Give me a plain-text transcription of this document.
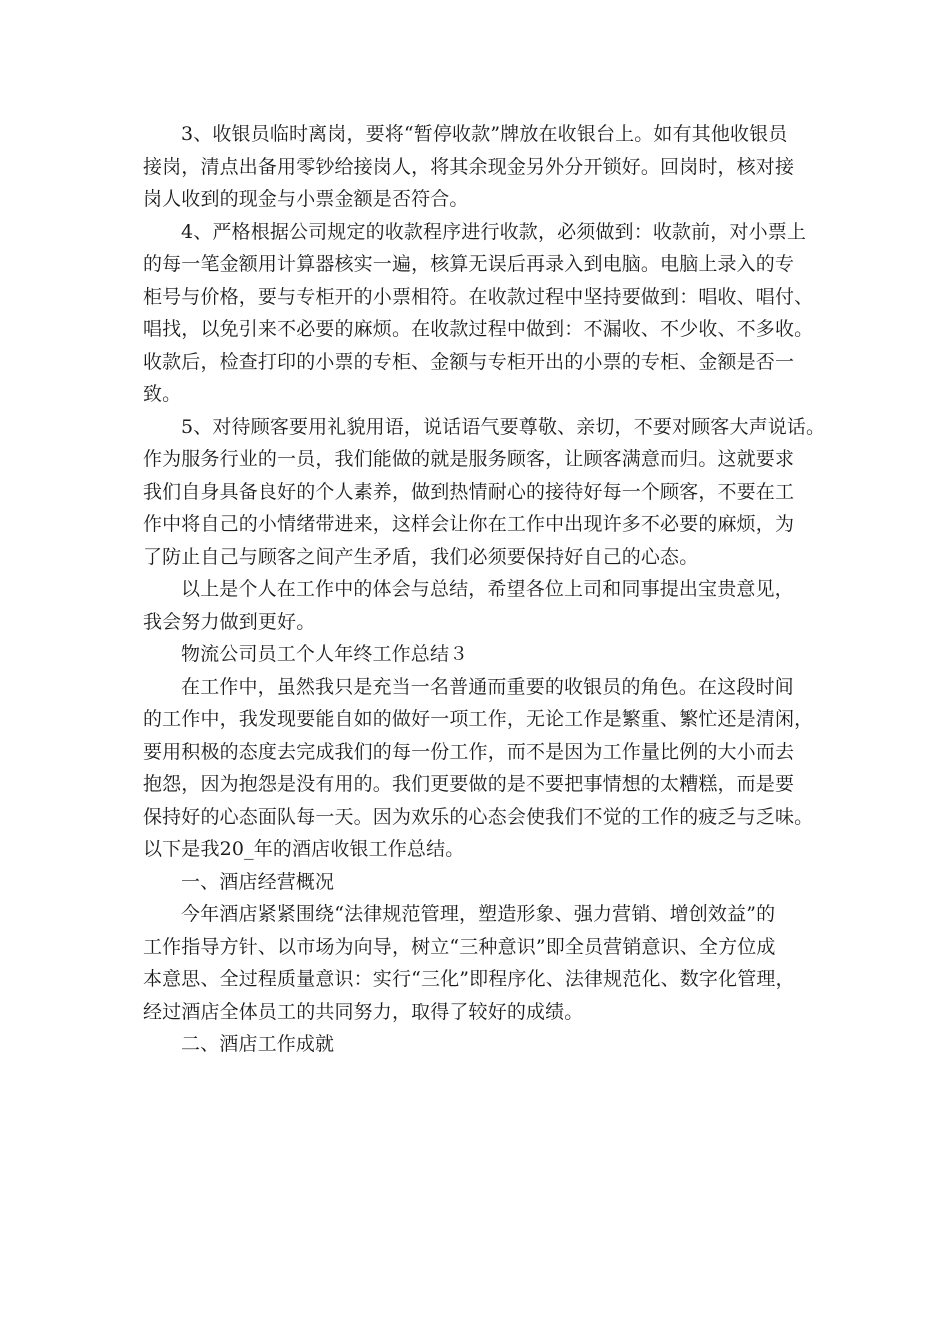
3、收银员临时离岗，要将“暂停收款”牌放在收银台上。如有其他收银员
接岗，清点出备用零钞给接岗人，将其余现金另外分开锁好。回岗时，核对接
岗人收到的现金与小票金额是否符合。
4、严格根据公司规定的收款程序进行收款，必须做到：收款前，对小票上
的每一笔金额用计算器核实一遍，核算无误后再录入到电脑。电脑上录入的专
柜号与价格，要与专柜开的小票相符。在收款过程中坚持要做到：唱收、唱付、
唱找，以免引来不必要的麻烦。在收款过程中做到：不漏收、不少收、不多收。
收款后，检查打印的小票的专柜、金额与专柜开出的小票的专柜、金额是否一
致。
5、对待顾客要用礼貌用语，说话语气要尊敬、亲切，不要对顾客大声说话。
作为服务行业的一员，我们能做的就是服务顾客，让顾客满意而归。这就要求
我们自身具备良好的个人素养，做到热情耐心的接待好每一个顾客，不要在工
作中将自己的小情绪带进来，这样会让你在工作中出现许多不必要的麻烦，为
了防止自己与顾客之间产生矛盾，我们必须要保持好自己的心态。
以上是个人在工作中的体会与总结，希望各位上司和同事提出宝贵意见，
我会努力做到更好。
物流公司员工个人年终工作总结３
在工作中，虽然我只是充当一名普通而重要的收银员的角色。在这段时间
的工作中，我发现要能自如的做好一项工作，无论工作是繁重、繁忙还是清闲，
要用积极的态度去完成我们的每一份工作，而不是因为工作量比例的大小而去
抱怨，因为抱怨是没有用的。我们更要做的是不要把事情想的太糟糕，而是要
保持好的心态面队每一天。因为欢乐的心态会使我们不觉的工作的疲乏与乏味。
以下是我20_年的酒店收银工作总结。
一、酒店经营概况
今年酒店紧紧围绕“法律规范管理，塑造形象、强力营销、增创效益”的
工作指导方针、以市场为向导，树立“三种意识”即全员营销意识、全方位成
本意思、全过程质量意识：实行“三化”即程序化、法律规范化、数字化管理，
经过酒店全体员工的共同努力，取得了较好的成绩。
二、酒店工作成就
